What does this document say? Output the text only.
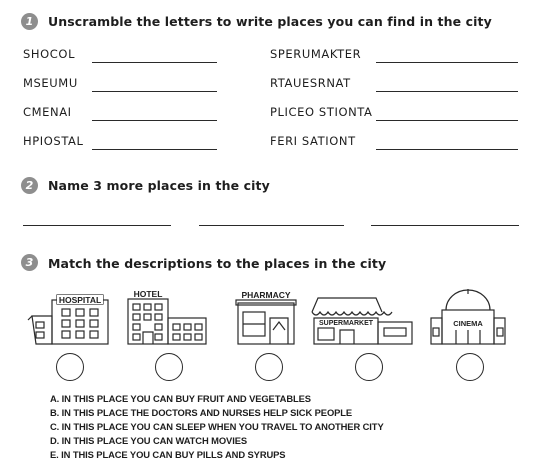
1	Unscramble the letters to write places you can find in the city
SHOCOL	SPERUMAKTER
MSEUMU	RTAUESRNAT
CMENAI	PLICEO STIONTA
HPIOSTAL	FERI SATIONT
2	Name 3 more places in the city
3	Match the descriptions to the places in the city
HOSPITAL
HOTEL	PHARMACY
SUPERMARKET	CINEMA
A. IN THIS PLACE YOU CAN BUY FRUIT AND VEGETABLES
B. IN THIS PLACE THE DOCTORS AND NURSES HELP SICK PEOPLE
C. IN THIS PLACE YOU CAN SLEEP WHEN YOU TRAVEL TO ANOTHER CITY
D. IN THIS PLACE YOU CAN WATCH MOVIES
E. IN THIS PLACE YOU CAN BUY PILLS AND SYRUPS
